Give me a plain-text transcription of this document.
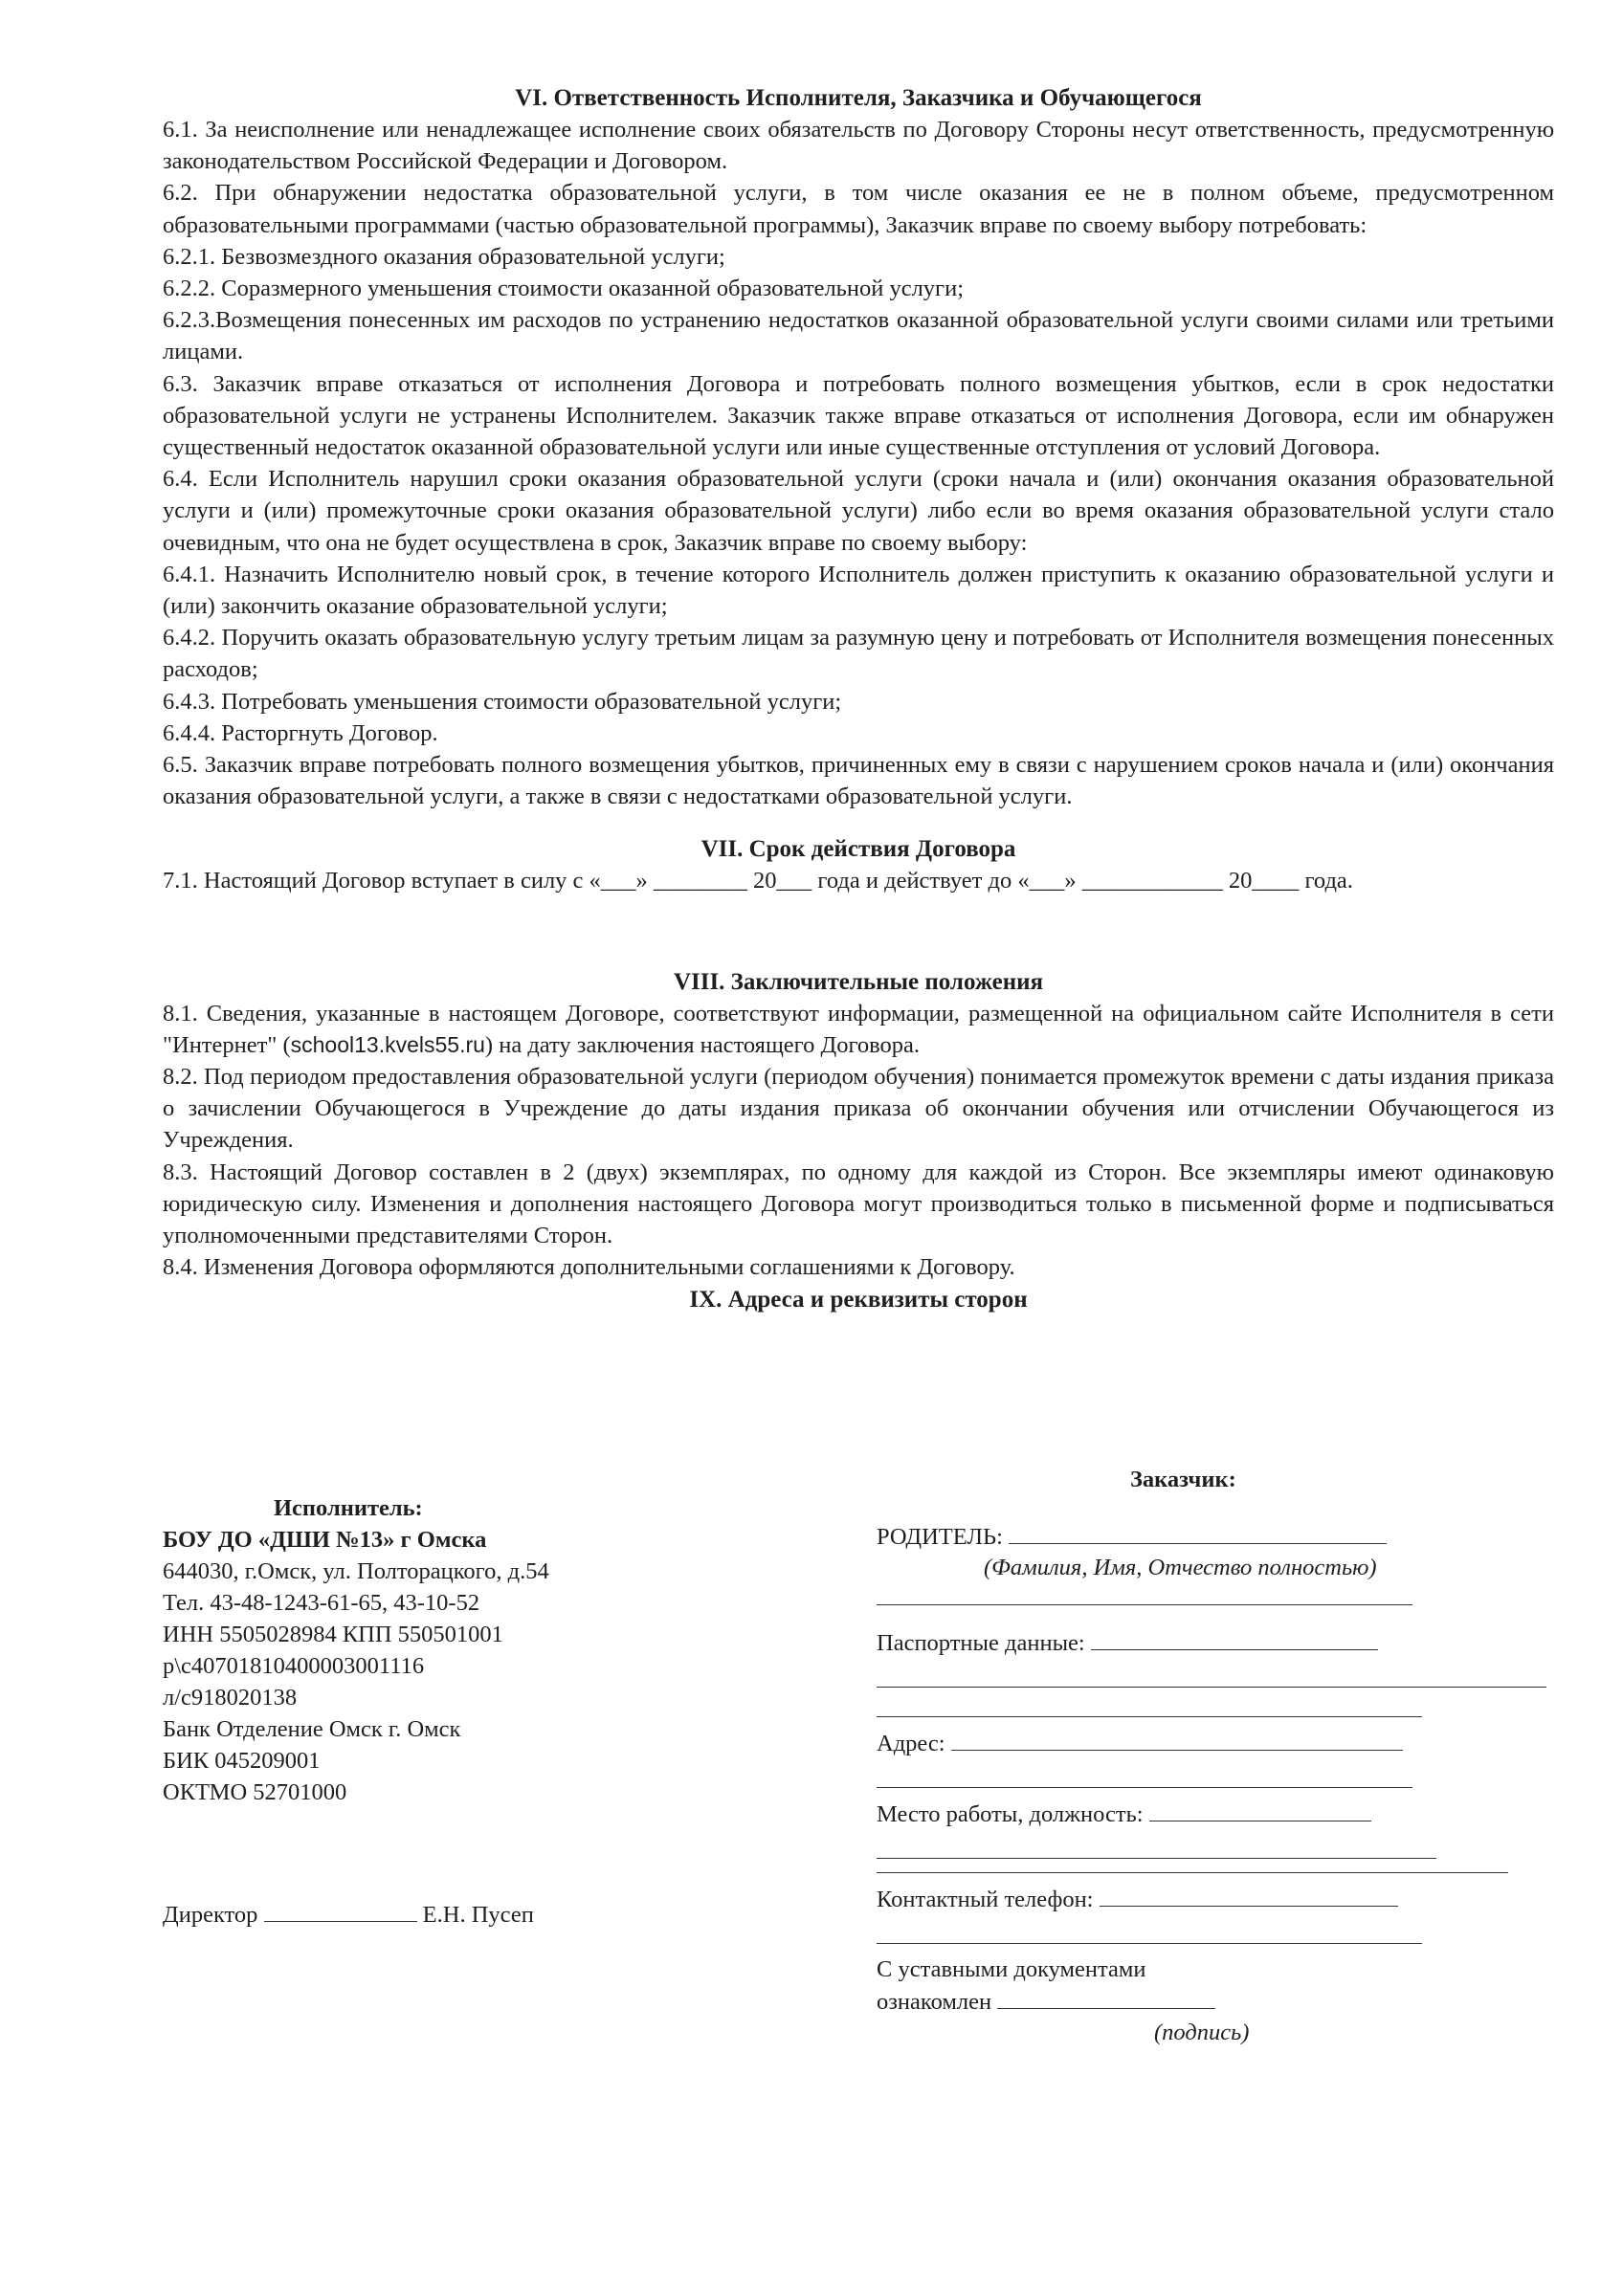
VI. Ответственность Исполнителя, Заказчика и Обучающегося

6.1. За неисполнение или ненадлежащее исполнение своих обязательств по Договору Стороны несут ответственность, предусмотренную законодательством Российской Федерации и Договором.

6.2. При обнаружении недостатка образовательной услуги, в том числе оказания ее не в полном объеме, предусмотренном образовательными программами (частью образовательной программы), Заказчик вправе по своему выбору потребовать:

6.2.1. Безвозмездного оказания образовательной услуги;

6.2.2. Соразмерного уменьшения стоимости оказанной образовательной услуги;

6.2.3.Возмещения понесенных им расходов по устранению недостатков оказанной образовательной услуги своими силами или третьими лицами.

6.3. Заказчик вправе отказаться от исполнения Договора и потребовать полного возмещения убытков, если в срок недостатки образовательной услуги не устранены Исполнителем. Заказчик также вправе отказаться от исполнения Договора, если им обнаружен существенный недостаток оказанной образовательной услуги или иные существенные отступления от условий Договора.

6.4. Если Исполнитель нарушил сроки оказания образовательной услуги (сроки начала и (или) окончания оказания образовательной услуги и (или) промежуточные сроки оказания образовательной услуги) либо если во время оказания образовательной услуги стало очевидным, что она не будет осуществлена в срок, Заказчик вправе по своему выбору:

6.4.1. Назначить Исполнителю новый срок, в течение которого Исполнитель должен приступить к оказанию образовательной услуги и (или) закончить оказание образовательной услуги;

6.4.2. Поручить оказать образовательную услугу третьим лицам за разумную цену и потребовать от Исполнителя возмещения понесенных расходов;

6.4.3. Потребовать уменьшения стоимости образовательной услуги;

6.4.4. Расторгнуть Договор.

6.5. Заказчик вправе потребовать полного возмещения убытков, причиненных ему в связи с нарушением сроков начала и (или) окончания оказания образовательной услуги, а также в связи с недостатками образовательной услуги.

VII. Срок действия Договора

7.1. Настоящий Договор вступает в силу с «___» ________ 20___ года и действует до «___» ____________ 20____ года.

VIII. Заключительные положения

8.1. Сведения, указанные в настоящем Договоре, соответствуют информации, размещенной на официальном сайте Исполнителя в сети "Интернет" (school13.kvels55.ru) на дату заключения настоящего Договора.

8.2. Под периодом предоставления образовательной услуги (периодом обучения) понимается промежуток времени с даты издания приказа о зачислении Обучающегося в Учреждение до даты издания приказа об окончании обучения или отчислении Обучающегося из Учреждения.

8.3. Настоящий Договор составлен в 2 (двух) экземплярах, по одному для каждой из Сторон. Все экземпляры имеют одинаковую юридическую силу. Изменения и дополнения настоящего Договора могут производиться только в письменной форме и подписываться уполномоченными представителями Сторон.

8.4. Изменения Договора оформляются дополнительными соглашениями к Договору.

IX. Адреса и реквизиты сторон
Исполнитель:
БОУ ДО «ДШИ №13» г Омска
644030, г.Омск, ул. Полторацкого, д.54
Тел. 43-48-1243-61-65, 43-10-52
ИНН 5505028984 КПП 550501001
р\с40701810400003001116
л/с918020138
Банк Отделение Омск г. Омск
БИК 045209001
ОКТМО 52701000
Директор	Е.Н. Пусеп
Заказчик:
РОДИТЕЛЬ:
(Фамилия, Имя, Отчество полностью)
Паспортные данные:
Адрес:
Место работы, должность:
Контактный телефон:
С уставными документами
ознакомлен
(подпись)
